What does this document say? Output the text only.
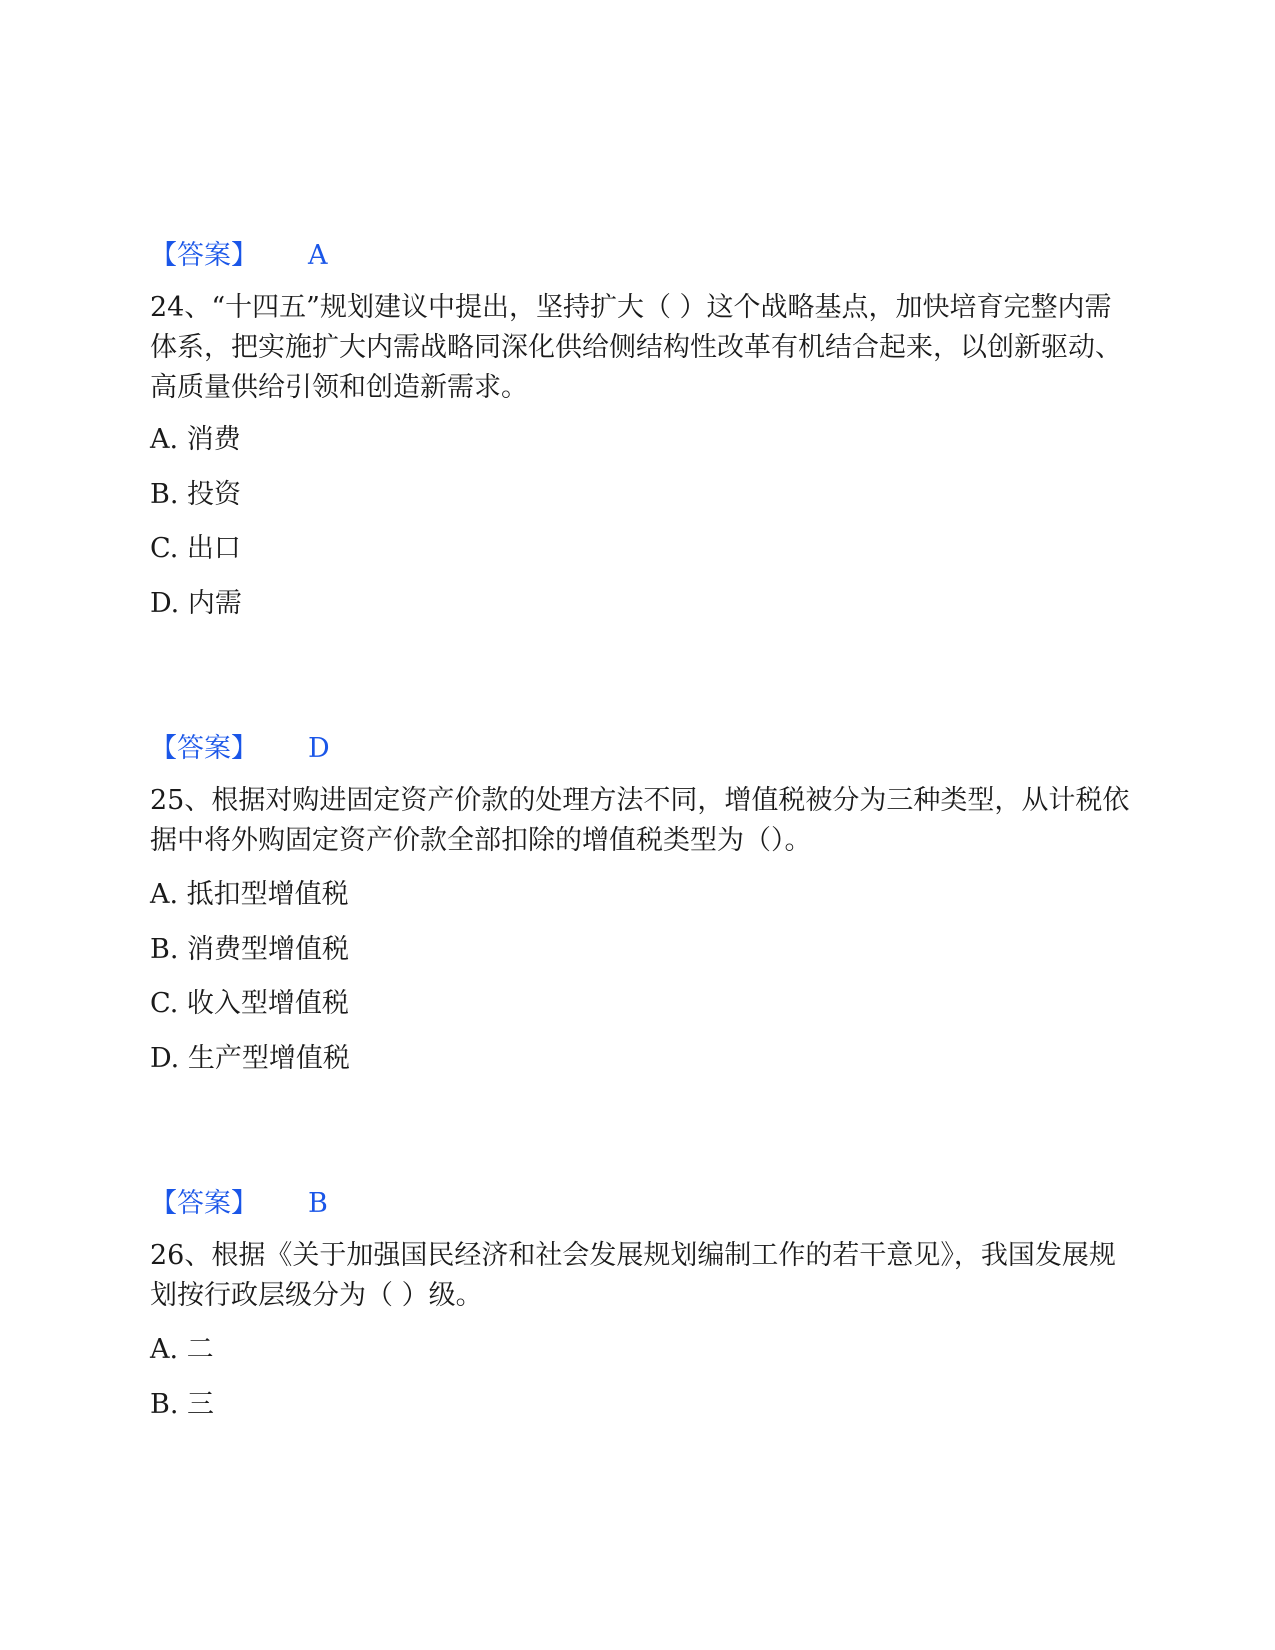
【答案】 A

24、“十四五”规划建议中提出，坚持扩大（ ）这个战略基点，加快培育完整内需体系，把实施扩大内需战略同深化供给侧结构性改革有机结合起来，以创新驱动、高质量供给引领和创造新需求。

A. 消费
B. 投资
C. 出口
D. 内需
【答案】 D

25、根据对购进固定资产价款的处理方法不同，增值税被分为三种类型，从计税依据中将外购固定资产价款全部扣除的增值税类型为（）。

A. 抵扣型增值税
B. 消费型增值税
C. 收入型增值税
D. 生产型增值税
【答案】 B

26、根据《关于加强国民经济和社会发展规划编制工作的若干意见》，我国发展规划按行政层级分为（ ）级。

A. 二
B. 三
